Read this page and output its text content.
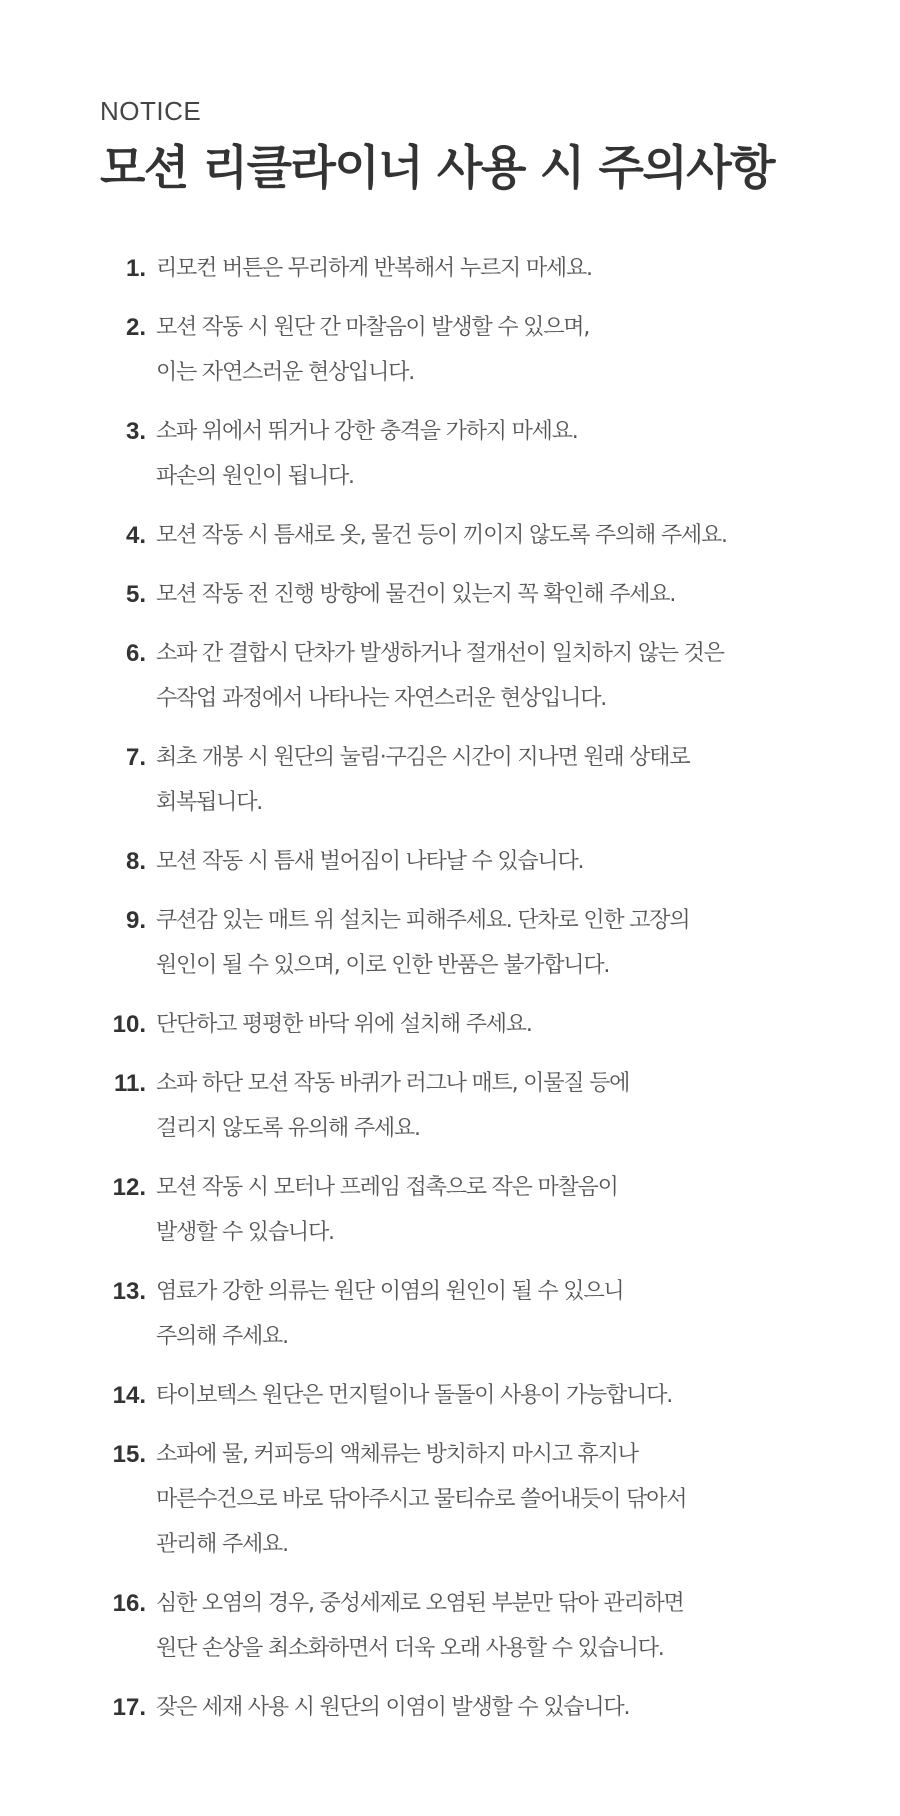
NOTICE
모션 리클라이너 사용 시 주의사항
1. 리모컨 버튼은 무리하게 반복해서 누르지 마세요.
2. 모션 작동 시 원단 간 마찰음이 발생할 수 있으며,
이는 자연스러운 현상입니다.
3. 소파 위에서 뛰거나 강한 충격을 가하지 마세요.
파손의 원인이 됩니다.
4. 모션 작동 시 틈새로 옷, 물건 등이 끼이지 않도록 주의해 주세요.
5. 모션 작동 전 진행 방향에 물건이 있는지 꼭 확인해 주세요.
6. 소파 간 결합시 단차가 발생하거나 절개선이 일치하지 않는 것은
수작업 과정에서 나타나는 자연스러운 현상입니다.
7. 최초 개봉 시 원단의 눌림·구김은 시간이 지나면 원래 상태로
회복됩니다.
8. 모션 작동 시 틈새 벌어짐이 나타날 수 있습니다.
9. 쿠션감 있는 매트 위 설치는 피해주세요. 단차로 인한 고장의
원인이 될 수 있으며, 이로 인한 반품은 불가합니다.
10. 단단하고 평평한 바닥 위에 설치해 주세요.
11. 소파 하단 모션 작동 바퀴가 러그나 매트, 이물질 등에
걸리지 않도록 유의해 주세요.
12. 모션 작동 시 모터나 프레임 접촉으로 작은 마찰음이
발생할 수 있습니다.
13. 염료가 강한 의류는 원단 이염의 원인이 될 수 있으니
주의해 주세요.
14. 타이보텍스 원단은 먼지털이나 돌돌이 사용이 가능합니다.
15. 소파에 물, 커피등의 액체류는 방치하지 마시고 휴지나
마른수건으로 바로 닦아주시고 물티슈로 쓸어내듯이 닦아서
관리해 주세요.
16. 심한 오염의 경우, 중성세제로 오염된 부분만 닦아 관리하면
원단 손상을 최소화하면서 더욱 오래 사용할 수 있습니다.
17. 잦은 세재 사용 시 원단의 이염이 발생할 수 있습니다.
